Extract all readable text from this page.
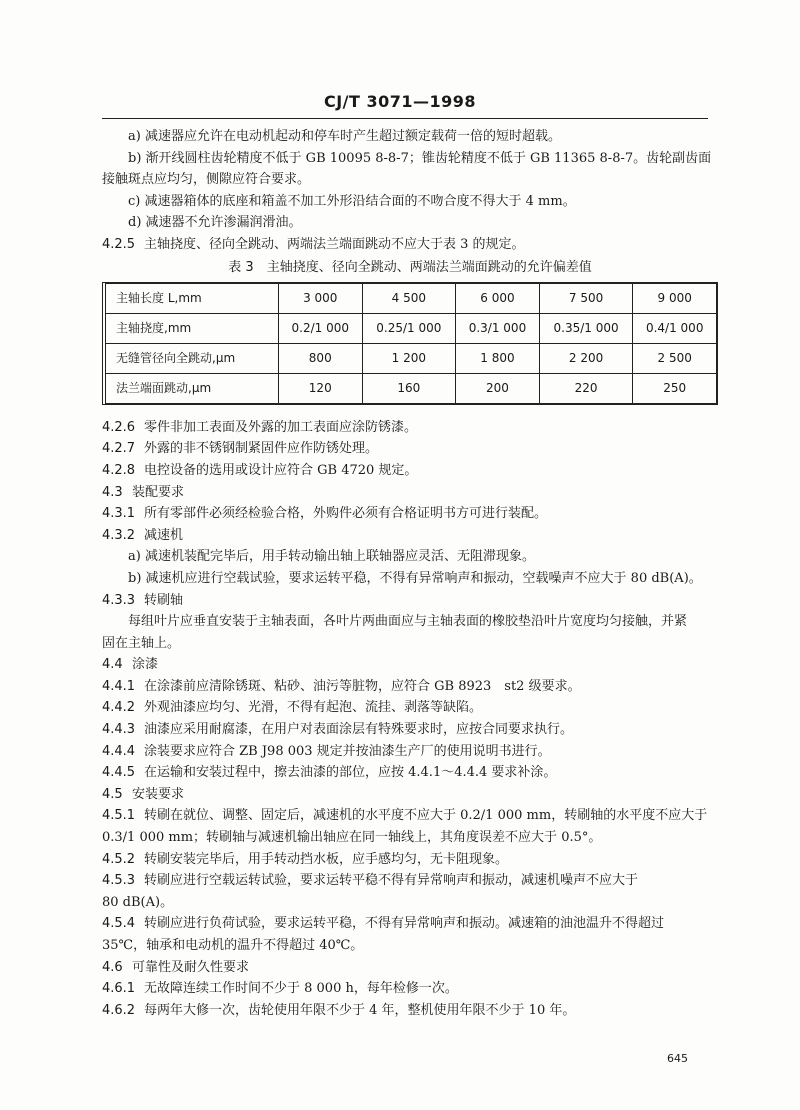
CJ/T 3071—1998

a) 减速器应允许在电动机起动和停车时产生超过额定载荷一倍的短时超载。

b) 渐开线圆柱齿轮精度不低于 GB 10095 8-8-7；锥齿轮精度不低于 GB 11365 8-8-7。齿轮副齿面

接触斑点应均匀，侧隙应符合要求。

c) 减速器箱体的底座和箱盖不加工外形沿结合面的不吻合度不得大于 4 mm。

d) 减速器不允许渗漏润滑油。

4.2.5 主轴挠度、径向全跳动、两端法兰端面跳动不应大于表 3 的规定。

表 3　主轴挠度、径向全跳动、两端法兰端面跳动的允许偏差值
主轴长度 L,mm	3 000	4 500	6 000	7 500	9 000
主轴挠度,mm	0.2/1 000	0.25/1 000	0.3/1 000	0.35/1 000	0.4/1 000
无缝管径向全跳动,μm	800	1 200	1 800	2 200	2 500
法兰端面跳动,μm	120	160	200	220	250

4.2.6 零件非加工表面及外露的加工表面应涂防锈漆。

4.2.7 外露的非不锈钢制紧固件应作防锈处理。

4.2.8 电控设备的选用或设计应符合 GB 4720 规定。

4.3 装配要求

4.3.1 所有零部件必须经检验合格，外购件必须有合格证明书方可进行装配。

4.3.2 减速机

a) 减速机装配完毕后，用手转动输出轴上联轴器应灵活、无阻滞现象。

b) 减速机应进行空载试验，要求运转平稳，不得有异常响声和振动，空载噪声不应大于 80 dB(A)。

4.3.3 转刷轴

每组叶片应垂直安装于主轴表面，各叶片两曲面应与主轴表面的橡胶垫沿叶片宽度均匀接触，并紧

固在主轴上。

4.4 涂漆

4.4.1 在涂漆前应清除锈斑、粘砂、油污等脏物，应符合 GB 8923　st2 级要求。

4.4.2 外观油漆应均匀、光滑，不得有起泡、流挂、剥落等缺陷。

4.4.3 油漆应采用耐腐漆，在用户对表面涂层有特殊要求时，应按合同要求执行。

4.4.4 涂装要求应符合 ZB J98 003 规定并按油漆生产厂的使用说明书进行。

4.4.5 在运输和安装过程中，擦去油漆的部位，应按 4.4.1～4.4.4 要求补涂。

4.5 安装要求

4.5.1 转刷在就位、调整、固定后，减速机的水平度不应大于 0.2/1 000 mm，转刷轴的水平度不应大于

0.3/1 000 mm；转刷轴与减速机输出轴应在同一轴线上，其角度误差不应大于 0.5°。

4.5.2 转刷安装完毕后，用手转动挡水板，应手感均匀，无卡阻现象。

4.5.3 转刷应进行空载运转试验，要求运转平稳不得有异常响声和振动，减速机噪声不应大于

80 dB(A)。

4.5.4 转刷应进行负荷试验，要求运转平稳，不得有异常响声和振动。减速箱的油池温升不得超过

35℃，轴承和电动机的温升不得超过 40℃。

4.6 可靠性及耐久性要求

4.6.1 无故障连续工作时间不少于 8 000 h，每年检修一次。

4.6.2 每两年大修一次，齿轮使用年限不少于 4 年，整机使用年限不少于 10 年。

645
